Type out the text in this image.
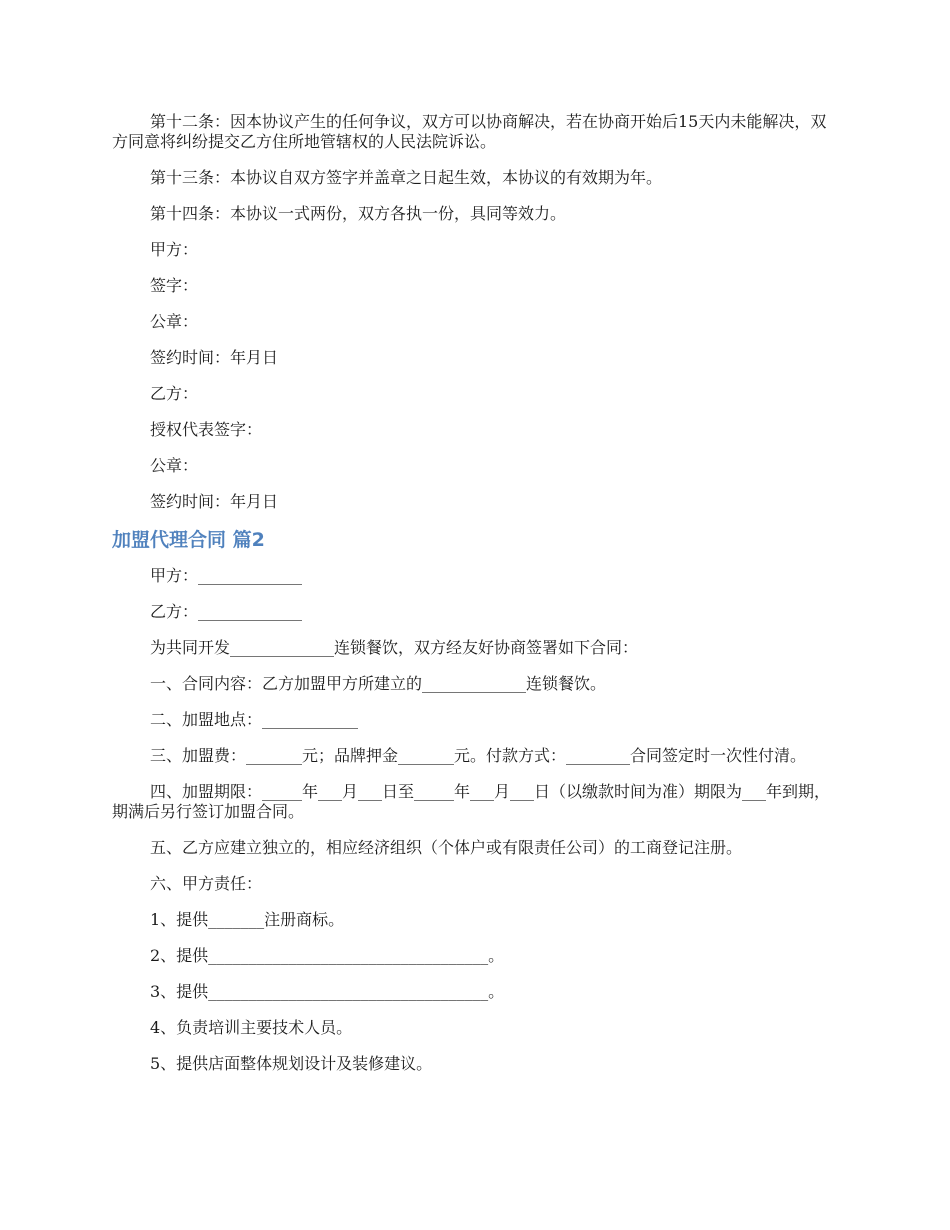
第十二条：因本协议产生的任何争议，双方可以协商解决，若在协商开始后15天内未能解决，双方同意将纠纷提交乙方住所地管辖权的人民法院诉讼。

第十三条：本协议自双方签字并盖章之日起生效，本协议的有效期为年。

第十四条：本协议一式两份，双方各执一份，具同等效力。

甲方：

签字：

公章：

签约时间：年月日

乙方：

授权代表签字：

公章：

签约时间：年月日

加盟代理合同 篇2

甲方：_____________

乙方：_____________

为共同开发_____________连锁餐饮，双方经友好协商签署如下合同：

一、合同内容：乙方加盟甲方所建立的_____________连锁餐饮。

二、加盟地点：____________

三、加盟费：_______元；品牌押金_______元。付款方式：________合同签定时一次性付清。

四、加盟期限：_____年___月___日至_____年___月___日（以缴款时间为准）期限为___年到期，期满后另行签订加盟合同。

五、乙方应建立独立的，相应经济组织（个体户或有限责任公司）的工商登记注册。

六、甲方责任：

1、提供_______注册商标。

2、提供___________________________________。

3、提供___________________________________。

4、负责培训主要技术人员。

5、提供店面整体规划设计及装修建议。
